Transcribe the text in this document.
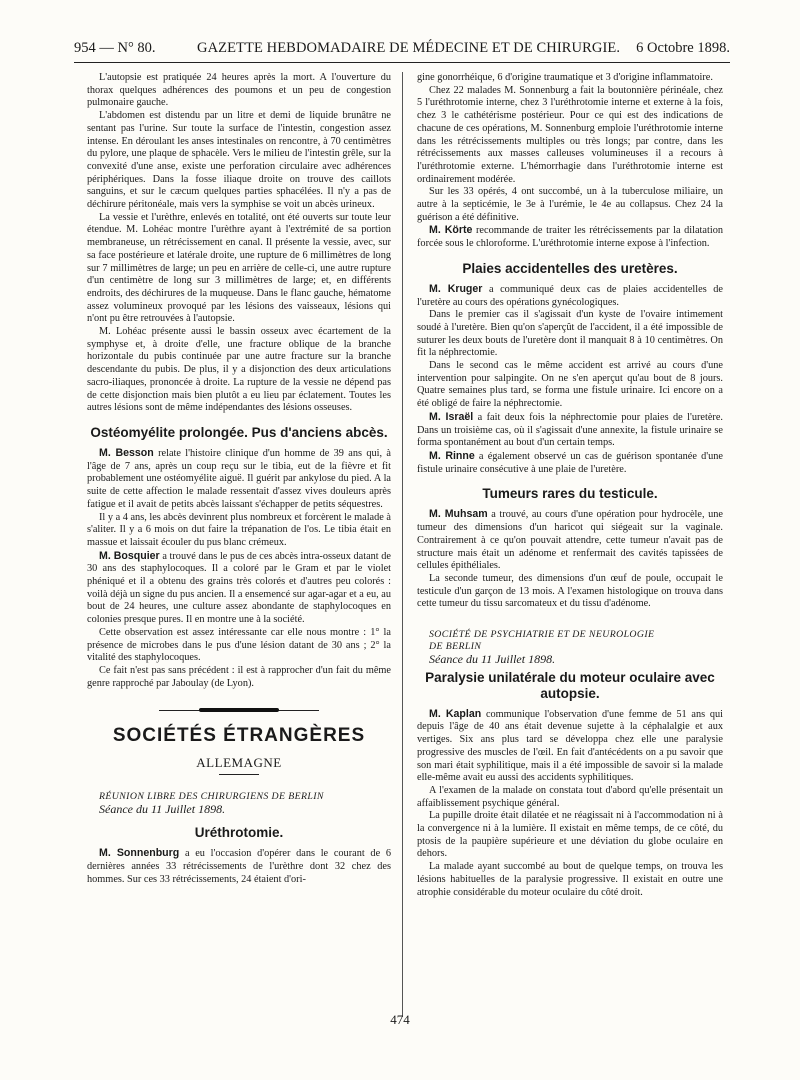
954 — N° 80.	GAZETTE HEBDOMADAIRE DE MÉDECINE ET DE CHIRURGIE. 6 Octobre 1898.

L'autopsie est pratiquée 24 heures après la mort. A l'ouverture du thorax quelques adhérences des poumons et un peu de congestion pulmonaire gauche.

L'abdomen est distendu par un litre et demi de liquide brunâtre ne sentant pas l'urine. Sur toute la surface de l'intestin, congestion assez intense. En déroulant les anses intestinales on rencontre, à 70 centimètres du pylore, une plaque de sphacèle. Vers le milieu de l'intestin grêle, sur la convexité d'une anse, existe une perforation circulaire avec adhérences périphériques. Dans la fosse iliaque droite on trouve des caillots sanguins, et sur le cæcum quelques parties sphacélées. Il n'y a pas de déchirure péritonéale, mais vers la symphise se voit un abcès urineux.

La vessie et l'urèthre, enlevés en totalité, ont été ouverts sur toute leur étendue. M. Lohéac montre l'urèthre ayant à l'extrémité de sa portion membraneuse, un rétrécissement en canal. Il présente la vessie, avec, sur sa face postérieure et latérale droite, une rupture de 6 millimètres de long sur 7 millimètres de large; un peu en arrière de celle-ci, une autre rupture d'un centimètre de long sur 3 millimètres de large; et, en différents endroits, des déchirures de la muqueuse. Dans le flanc gauche, hématome assez volumineux provoqué par les lésions des vaisseaux, lésions qui n'ont pu être retrouvées à l'autopsie.

M. Lohéac présente aussi le bassin osseux avec écartement de la symphyse et, à droite d'elle, une fracture oblique de la branche horizontale du pubis continuée par une autre fracture sur la branche descendante du pubis. De plus, il y a disjonction des deux articulations sacro-iliaques, prononcée à droite. La rupture de la vessie ne dépend pas de cette disjonction mais bien plutôt a eu lieu par éclatement. Toutes les autres lésions sont de même indépendantes des lésions osseuses.

Ostéomyélite prolongée. Pus d'anciens abcès.

M. Besson relate l'histoire clinique d'un homme de 39 ans qui, à l'âge de 7 ans, après un coup reçu sur le tibia, eut de la fièvre et fit probablement une ostéomyélite aiguë. Il guérit par ankylose du pied. A la suite de cette affection le malade ressentait d'assez vives douleurs après fatigue et il avait de petits abcès laissant s'échapper de petits séquestres.

Il y a 4 ans, les abcès devinrent plus nombreux et forcèrent le malade à s'aliter. Il y a 6 mois on dut faire la trépanation de l'os. Le tibia était en massue et laissait écouler du pus blanc crémeux.

M. Bosquier a trouvé dans le pus de ces abcès intra-osseux datant de 30 ans des staphylocoques. Il a coloré par le Gram et par le violet phéniqué et il a obtenu des grains très colorés et d'autres peu colorés : voilà déjà un signe du pus ancien. Il a ensemencé sur agar-agar et a eu, au bout de 24 heures, une culture assez abondante de staphylocoques en colonies presque pures. Il en montre une à la société.

Cette observation est assez intéressante car elle nous montre : 1° la présence de microbes dans le pus d'une lésion datant de 30 ans ; 2° la vitalité des staphylocoques.

Ce fait n'est pas sans précédent : il est à rapprocher d'un fait du même genre rapproché par Jaboulay (de Lyon).

SOCIÉTÉS ÉTRANGÈRES
ALLEMAGNE

RÉUNION LIBRE DES CHIRURGIENS DE BERLIN

Séance du 11 Juillet 1898.

Uréthrotomie.

M. Sonnenburg a eu l'occasion d'opérer dans le courant de 6 dernières années 33 rétrécissements de l'urèthre dont 32 chez des hommes. Sur ces 33 rétrécissements, 24 étaient d'ori-

gine gonorrhéique, 6 d'origine traumatique et 3 d'origine inflammatoire.

Chez 22 malades M. Sonnenburg a fait la boutonnière périnéale, chez 5 l'uréthrotomie interne, chez 3 l'uréthrotomie interne et externe à la fois, chez 3 le cathétérisme postérieur. Pour ce qui est des indications de chacune de ces opérations, M. Sonnenburg emploie l'uréthrotomie interne dans les rétrécissements multiples ou très longs; par contre, dans les rétrécissements aux masses calleuses volumineuses il a recours à l'uréthrotomie externe. L'hémorrhagie dans l'uréthrotomie interne est ordinairement modérée.

Sur les 33 opérés, 4 ont succombé, un à la tuberculose miliaire, un autre à la septicémie, le 3e à l'urémie, le 4e au collapsus. Chez 24 la guérison a été définitive.

M. Körte recommande de traiter les rétrécissements par la dilatation forcée sous le chloroforme. L'uréthrotomie interne expose à l'infection.

Plaies accidentelles des uretères.

M. Kruger a communiqué deux cas de plaies accidentelles de l'uretère au cours des opérations gynécologiques.

Dans le premier cas il s'agissait d'un kyste de l'ovaire intimement soudé à l'uretère. Bien qu'on s'aperçût de l'accident, il a été impossible de suturer les deux bouts de l'uretère dont il manquait 8 à 10 centimètres. On fit la néphrectomie.

Dans le second cas le même accident est arrivé au cours d'une intervention pour salpingite. On ne s'en aperçut qu'au bout de 8 jours. Quatre semaines plus tard, se forma une fistule urinaire. Ici encore on a été obligé de faire la néphrectomie.

M. Israël a fait deux fois la néphrectomie pour plaies de l'uretère. Dans un troisième cas, où il s'agissait d'une annexite, la fistule urinaire se forma spontanément au bout d'un certain temps.

M. Rinne a également observé un cas de guérison spontanée d'une fistule urinaire consécutive à une plaie de l'uretère.

Tumeurs rares du testicule.

M. Muhsam a trouvé, au cours d'une opération pour hydrocèle, une tumeur des dimensions d'un haricot qui siégeait sur la vaginale. Contrairement à ce qu'on pouvait attendre, cette tumeur n'avait pas de structure mais était un adénome et renfermait des cavités tapissées de cellules épithéliales.

La seconde tumeur, des dimensions d'un œuf de poule, occupait le testicule d'un garçon de 13 mois. A l'examen histologique on trouva dans cette tumeur du tissu sarcomateux et du tissu d'adénome.

SOCIÉTÉ DE PSYCHIATRIE ET DE NEUROLOGIE

DE BERLIN

Séance du 11 Juillet 1898.

Paralysie unilatérale du moteur oculaire avec autopsie.

M. Kaplan communique l'observation d'une femme de 51 ans qui depuis l'âge de 40 ans était devenue sujette à la céphalalgie et aux vertiges. Six ans plus tard se développa chez elle une paralysie progressive des muscles de l'œil. En fait d'antécédents on a pu savoir que son mari était syphilitique, mais il a été impossible de savoir si la malade elle-même avait eu aussi des accidents syphilitiques.

A l'examen de la malade on constata tout d'abord qu'elle présentait un affaiblissement psychique général.

La pupille droite était dilatée et ne réagissait ni à l'accommodation ni à la convergence ni à la lumière. Il existait en même temps, de ce côté, du ptosis de la paupière supérieure et une déviation du globe oculaire en dehors.

La malade ayant succombé au bout de quelque temps, on trouva les lésions habituelles de la paralysie progressive. Il existait en outre une atrophie considérable du moteur oculaire du côté droit.

474
